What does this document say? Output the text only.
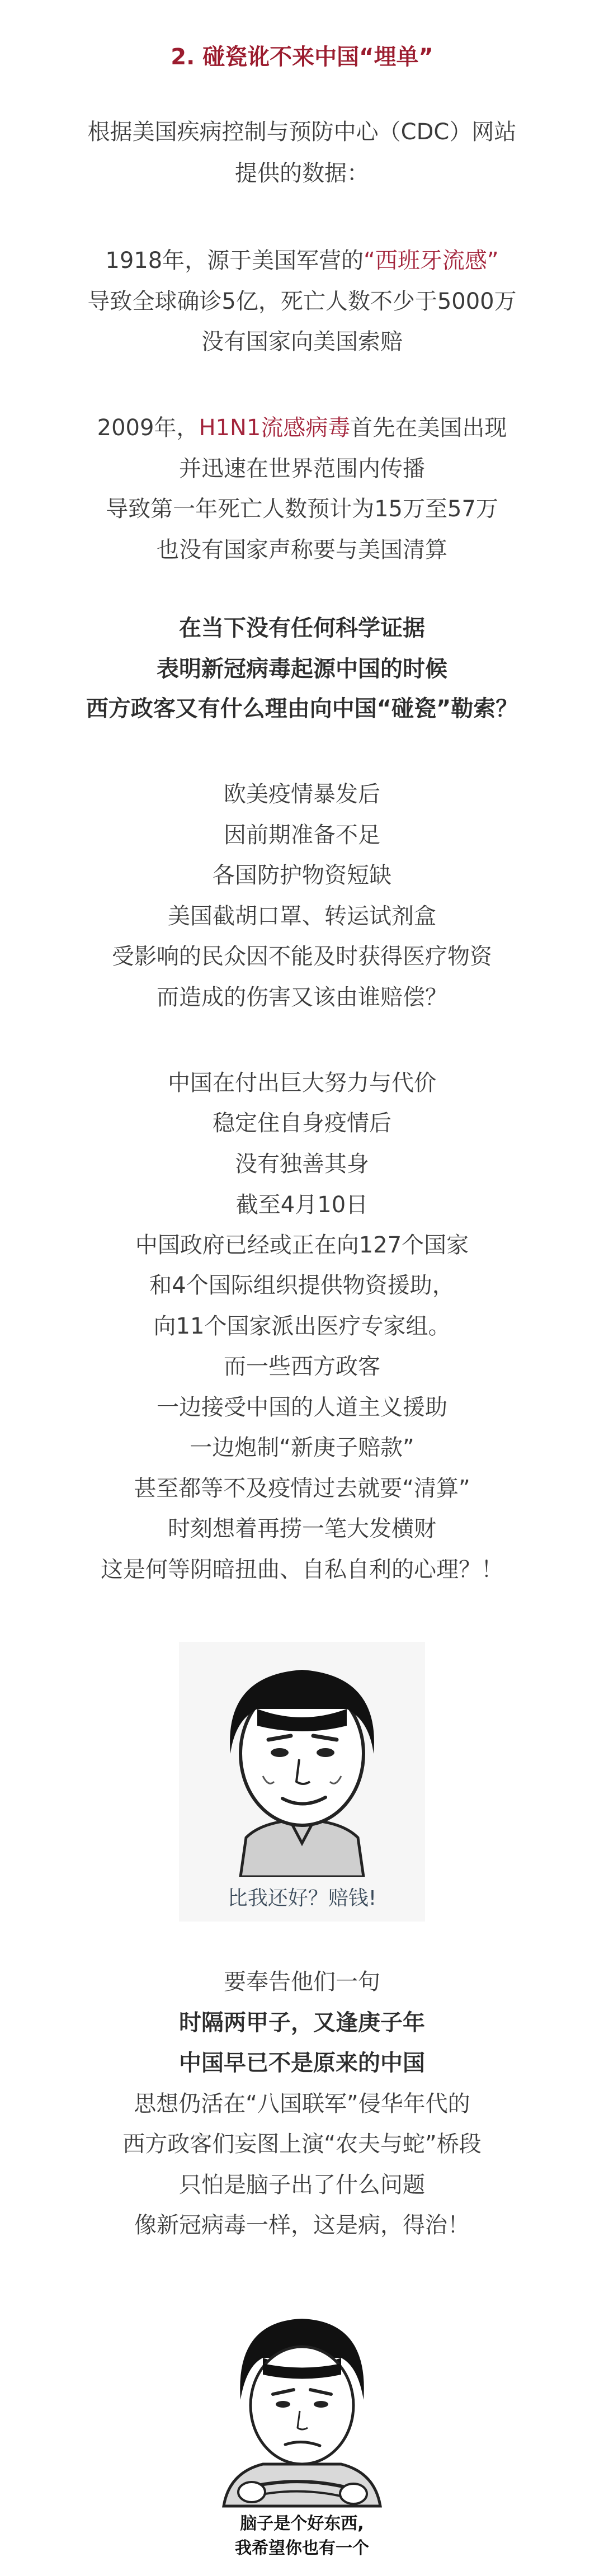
2. 碰瓷讹不来中国“埋单”
根据美国疾病控制与预防中心（CDC）网站
提供的数据：
1918年，源于美国军营的“西班牙流感”
导致全球确诊5亿，死亡人数不少于5000万
没有国家向美国索赔
2009年，H1N1流感病毒首先在美国出现
并迅速在世界范围内传播
导致第一年死亡人数预计为15万至57万
也没有国家声称要与美国清算
在当下没有任何科学证据
表明新冠病毒起源中国的时候
西方政客又有什么理由向中国“碰瓷”勒索？
欧美疫情暴发后
因前期准备不足
各国防护物资短缺
美国截胡口罩、转运试剂盒
受影响的民众因不能及时获得医疗物资
而造成的伤害又该由谁赔偿？
中国在付出巨大努力与代价
稳定住自身疫情后
没有独善其身
截至4月10日
中国政府已经或正在向127个国家
和4个国际组织提供物资援助，
向11个国家派出医疗专家组。
而一些西方政客
一边接受中国的人道主义援助
一边炮制“新庚子赔款”
甚至都等不及疫情过去就要“清算”
时刻想着再捞一笔大发横财
这是何等阴暗扭曲、自私自利的心理？！
比我还好？赔钱!
要奉告他们一句
时隔两甲子，又逢庚子年
中国早已不是原来的中国
思想仍活在“八国联军”侵华年代的
西方政客们妄图上演“农夫与蛇”桥段
只怕是脑子出了什么问题
像新冠病毒一样，这是病，得治！
脑子是个好东西,
我希望你也有一个
